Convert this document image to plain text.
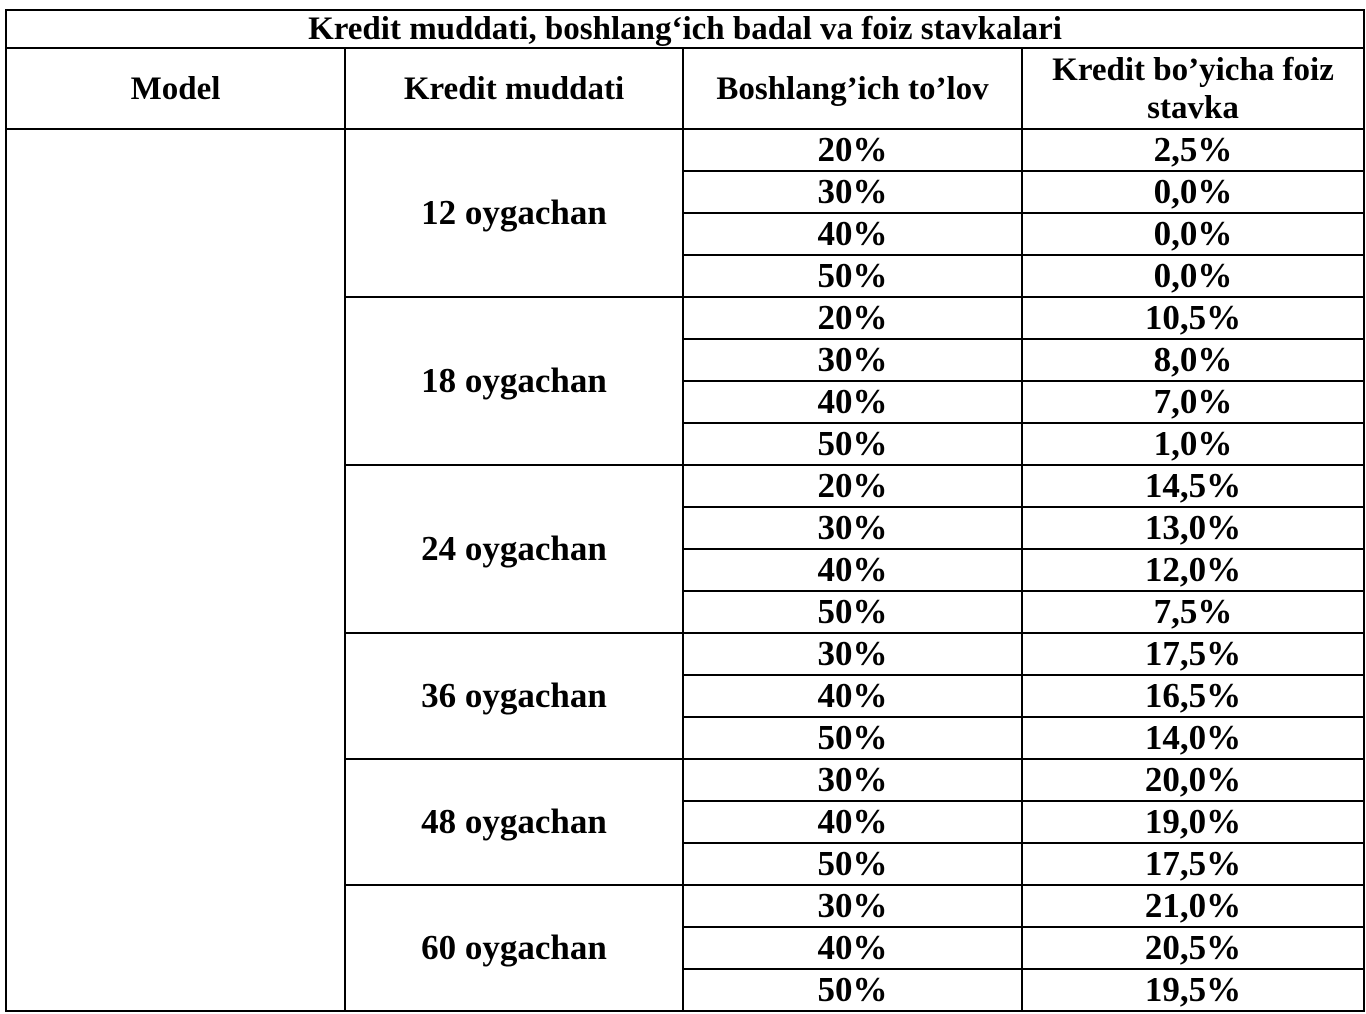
Kredit muddati, boshlang‘ich badal va foiz stavkalari			
Model	Kredit muddati	Boshlang’ich to’lov	Kredit bo’yicha foiz stavka
	12 oygachan	20%	2,5%
		30%	0,0%
		40%	0,0%
		50%	0,0%
	18 oygachan	20%	10,5%
		30%	8,0%
		40%	7,0%
		50%	1,0%
	24 oygachan	20%	14,5%
		30%	13,0%
		40%	12,0%
		50%	7,5%
	36 oygachan	30%	17,5%
		40%	16,5%
		50%	14,0%
	48 oygachan	30%	20,0%
		40%	19,0%
		50%	17,5%
	60 oygachan	30%	21,0%
		40%	20,5%
		50%	19,5%
